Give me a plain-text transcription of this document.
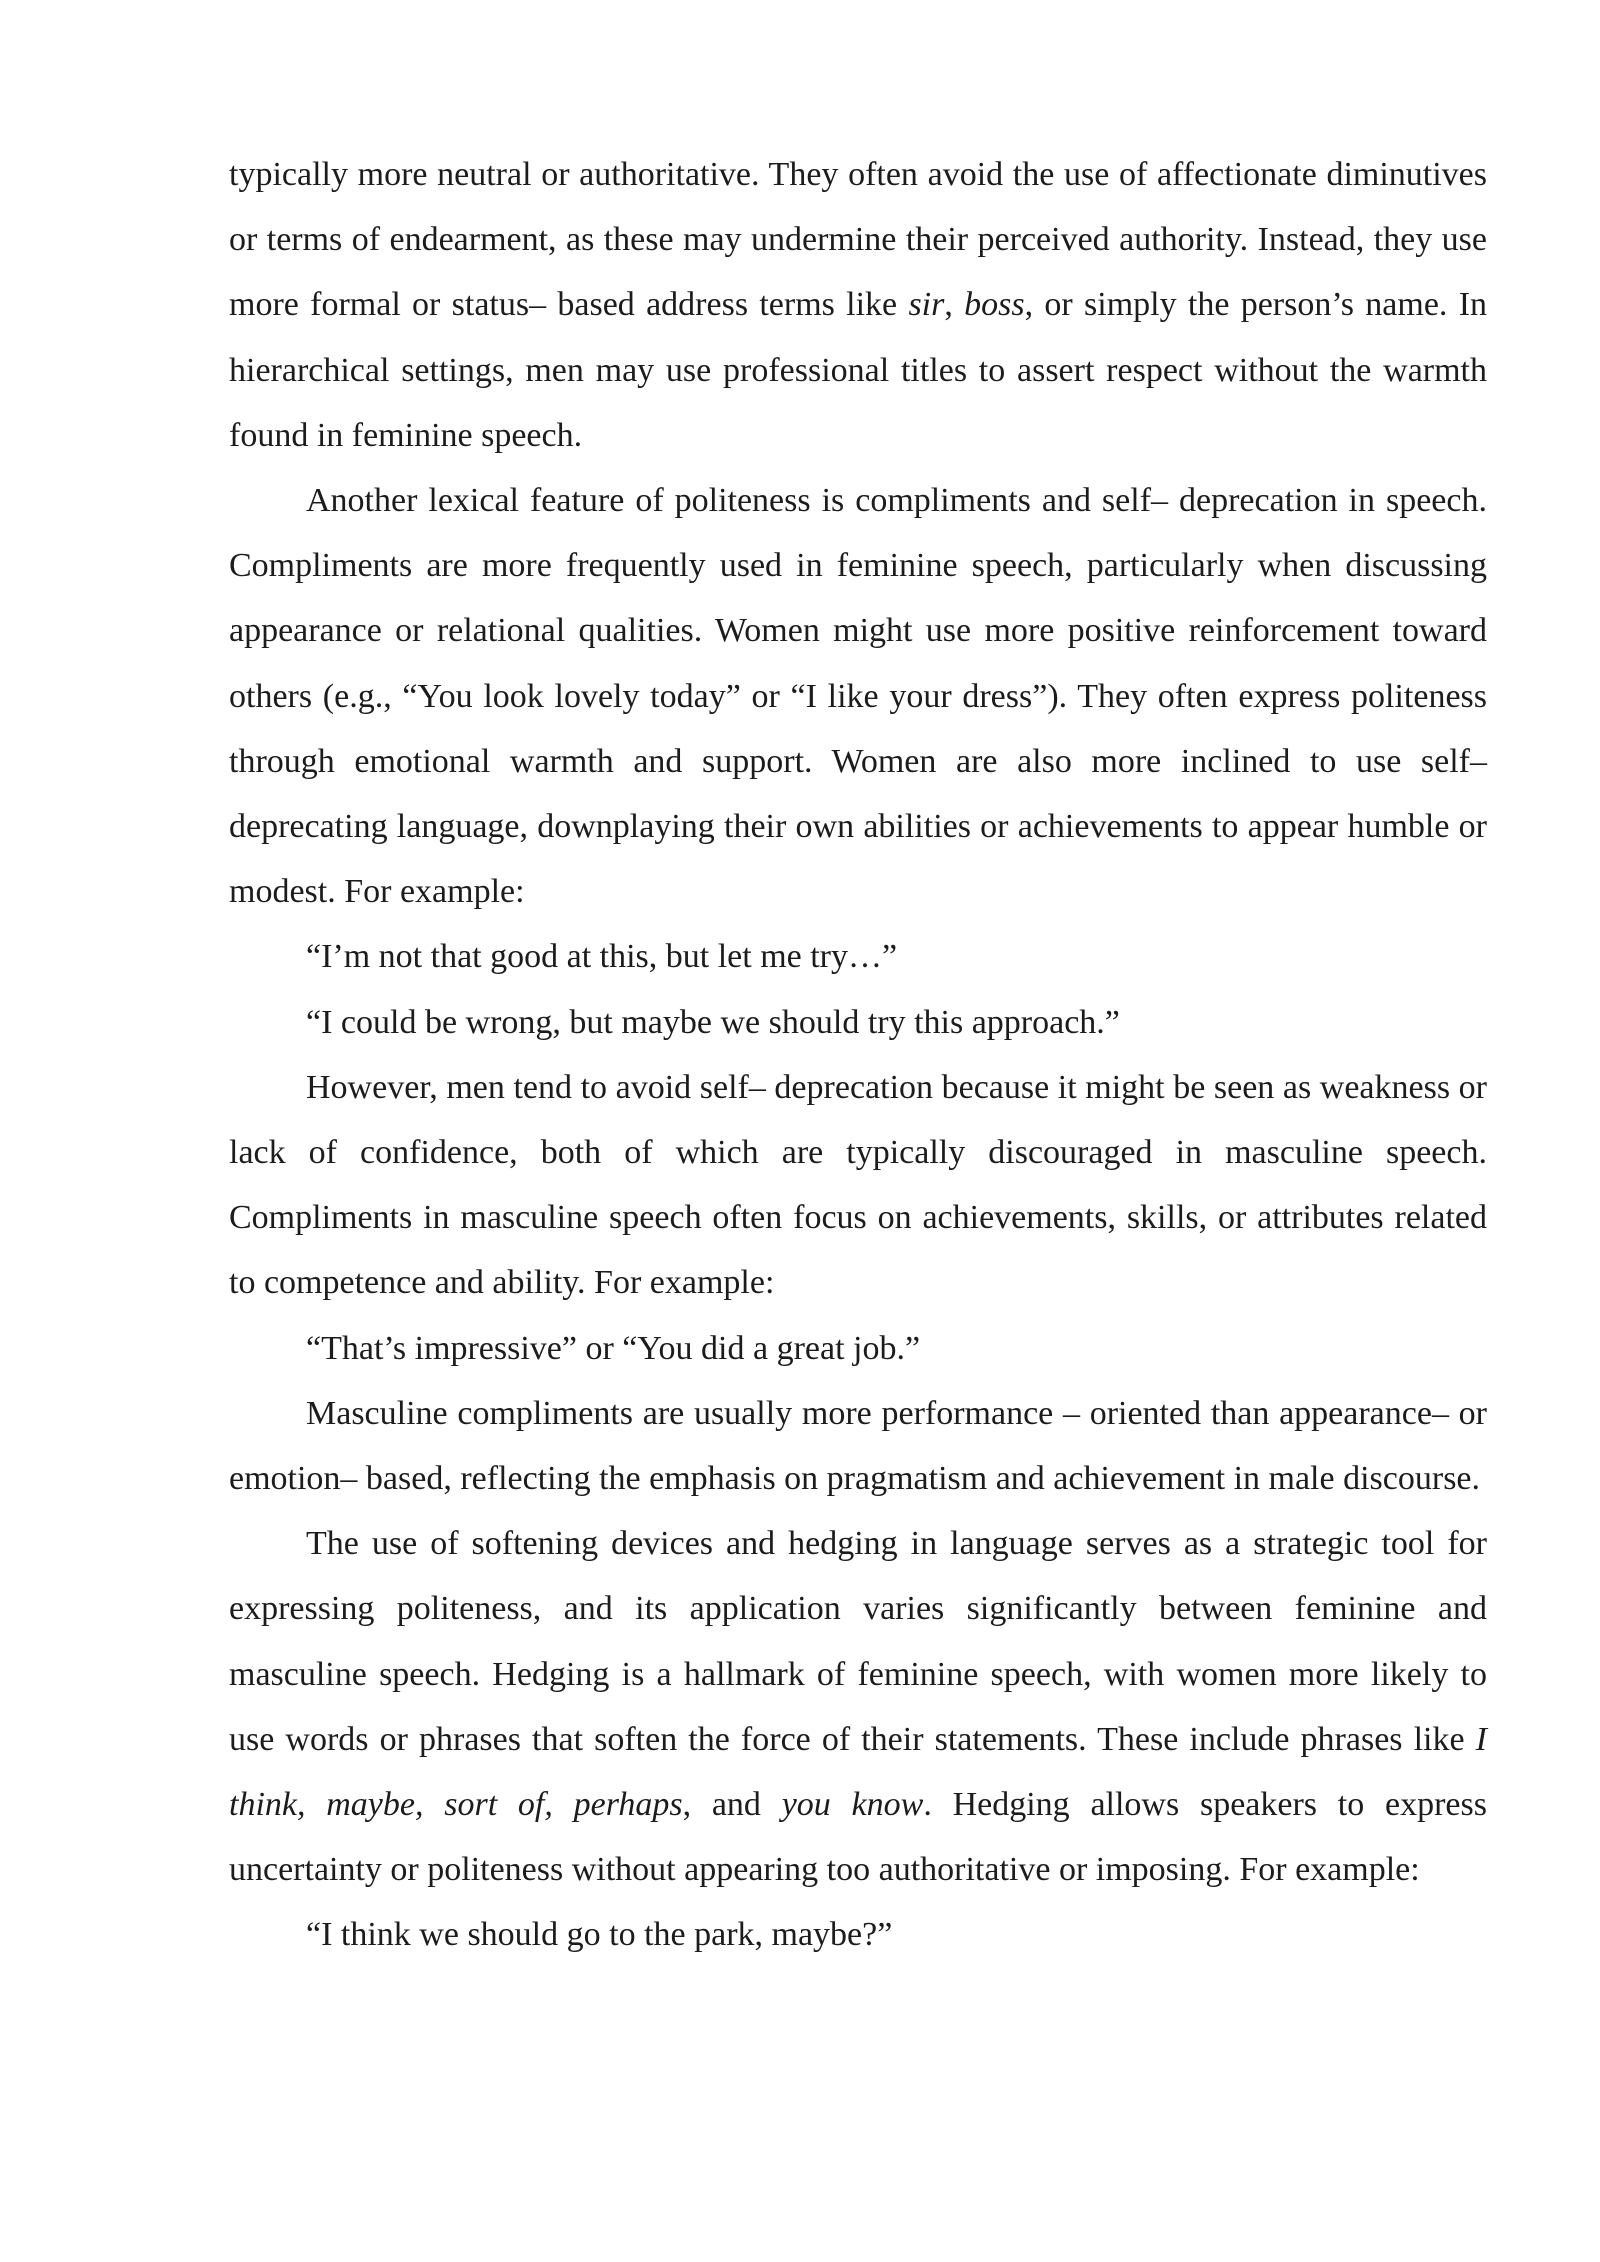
typically more neutral or authoritative. They often avoid the use of affectionate diminutives or terms of endearment, as these may undermine their perceived authority. Instead, they use more formal or status– based address terms like sir, boss, or simply the person’s name. In hierarchical settings, men may use professional titles to assert respect without the warmth found in feminine speech.

Another lexical feature of politeness is compliments and self– deprecation in speech. Compliments are more frequently used in feminine speech, particularly when discussing appearance or relational qualities. Women might use more positive reinforcement toward others (e.g., “You look lovely today” or “I like your dress”). They often express politeness through emotional warmth and support. Women are also more inclined to use self– deprecating language, downplaying their own abilities or achievements to appear humble or modest. For example:

“I’m not that good at this, but let me try…”

“I could be wrong, but maybe we should try this approach.”

However, men tend to avoid self– deprecation because it might be seen as weakness or lack of confidence, both of which are typically discouraged in masculine speech. Compliments in masculine speech often focus on achievements, skills, or attributes related to competence and ability. For example:

“That’s impressive” or “You did a great job.”

Masculine compliments are usually more performance – oriented than appearance– or emotion– based, reflecting the emphasis on pragmatism and achievement in male discourse.

The use of softening devices and hedging in language serves as a strategic tool for expressing politeness, and its application varies significantly between feminine and masculine speech. Hedging is a hallmark of feminine speech, with women more likely to use words or phrases that soften the force of their statements. These include phrases like I think, maybe, sort of, perhaps, and you know. Hedging allows speakers to express uncertainty or politeness without appearing too authoritative or imposing. For example:

“I think we should go to the park, maybe?”
